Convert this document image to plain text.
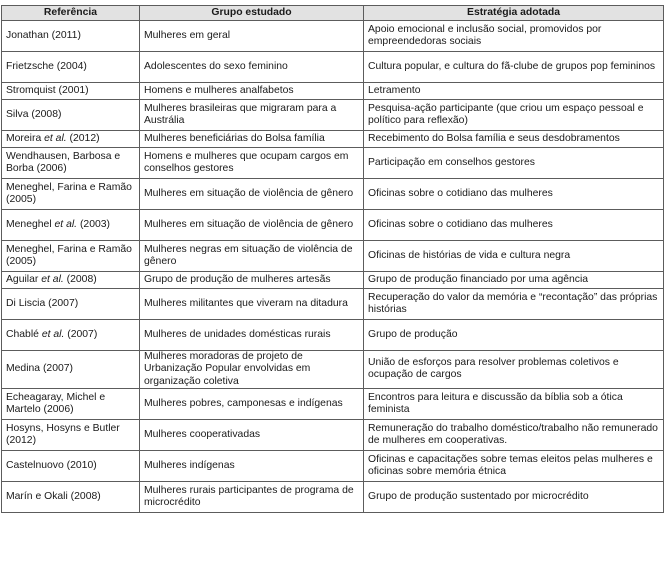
Referência	Grupo estudado	Estratégia adotada
Jonathan (2011)	Mulheres em geral	Apoio emocional e inclusão social, promovidos por empreendedoras sociais
Frietzsche (2004)	Adolescentes do sexo feminino	Cultura popular, e cultura do fã-clube de grupos pop femininos
Stromquist (2001)	Homens e mulheres analfabetos	Letramento
Silva (2008)	Mulheres brasileiras que migraram para a Austrália	Pesquisa-ação participante (que criou um espaço pessoal e político para reflexão)
Moreira et al. (2012)	Mulheres beneficiárias do Bolsa família	Recebimento do Bolsa família e seus desdobramentos
Wendhausen, Barbosa e Borba (2006)	Homens e mulheres que ocupam cargos em conselhos gestores	Participação em conselhos gestores
Meneghel, Farina e Ramão (2005)	Mulheres em situação de violência de gênero	Oficinas sobre o cotidiano das mulheres
Meneghel et al. (2003)	Mulheres em situação de violência de gênero	Oficinas sobre o cotidiano das mulheres
Meneghel, Farina e Ramão (2005)	Mulheres negras em situação de violência de gênero	Oficinas de histórias de vida e cultura negra
Aguilar et al. (2008)	Grupo de produção de mulheres artesãs	Grupo de produção financiado por uma agência
Di Liscia (2007)	Mulheres militantes que viveram na ditadura	Recuperação do valor da memória e “recontação” das próprias histórias
Chablé et al. (2007)	Mulheres de unidades domésticas rurais	Grupo de produção
Medina (2007)	Mulheres moradoras de projeto de Urbanização Popular envolvidas em organização coletiva	União de esforços para resolver problemas coletivos e ocupação de cargos
Echeagaray, Michel e Martelo (2006)	Mulheres pobres, camponesas e indígenas	Encontros para leitura e discussão da bíblia sob a ótica feminista
Hosyns, Hosyns e Butler (2012)	Mulheres cooperativadas	Remuneração do trabalho doméstico/trabalho não remunerado de mulheres em cooperativas.
Castelnuovo (2010)	Mulheres indígenas	Oficinas e capacitações sobre temas eleitos pelas mulheres e oficinas sobre memória étnica
Marín e Okali (2008)	Mulheres rurais participantes de programa de microcrédito	Grupo de produção sustentado por microcrédito
